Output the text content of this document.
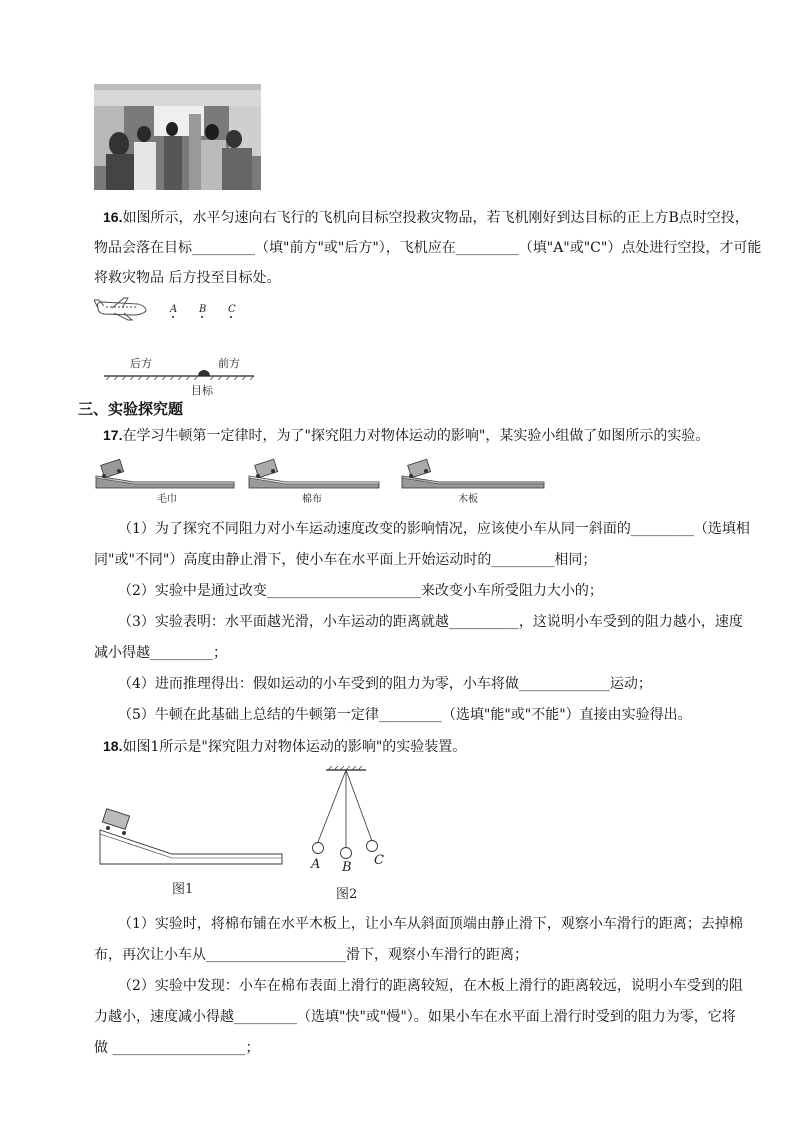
16.如图所示，水平匀速向右飞行的飞机向目标空投救灾物品，若飞机刚好到达目标的正上方B点时空投，
物品会落在目标_________（填"前方"或"后方"），飞机应在_________（填"A"或"C"）点处进行空投，才可能
将救灾物品 后方投至目标处。
A B C
后方	前方
目标
三、实验探究题
17.在学习牛顿第一定律时，为了"探究阻力对物体运动的影响"，某实验小组做了如图所示的实验。
毛巾	棉布	木板
（1）为了探究不同阻力对小车运动速度改变的影响情况，应该使小车从同一斜面的_________（选填相
同"或"不同"）高度由静止滑下，使小车在水平面上开始运动时的_________相同；
（2）实验中是通过改变______________________来改变小车所受阻力大小的；
（3）实验表明：水平面越光滑，小车运动的距离就越__________，这说明小车受到的阻力越小，速度
减小得越_________；
（4）进而推理得出：假如运动的小车受到的阻力为零，小车将做_____________运动；
（5）牛顿在此基础上总结的牛顿第一定律_________（选填"能"或"不能"）直接由实验得出。
18.如图1所示是"探究阻力对物体运动的影响"的实验装置。
图1
A B C
图2
（1）实验时，将棉布铺在水平木板上，让小车从斜面顶端由静止滑下，观察小车滑行的距离；去掉棉
布，再次让小车从____________________滑下，观察小车滑行的距离；
（2）实验中发现：小车在棉布表面上滑行的距离较短，在木板上滑行的距离较远，说明小车受到的阻
力越小，速度减小得越_________（选填"快"或"慢"）。如果小车在水平面上滑行时受到的阻力为零，它将
做 ___________________；
